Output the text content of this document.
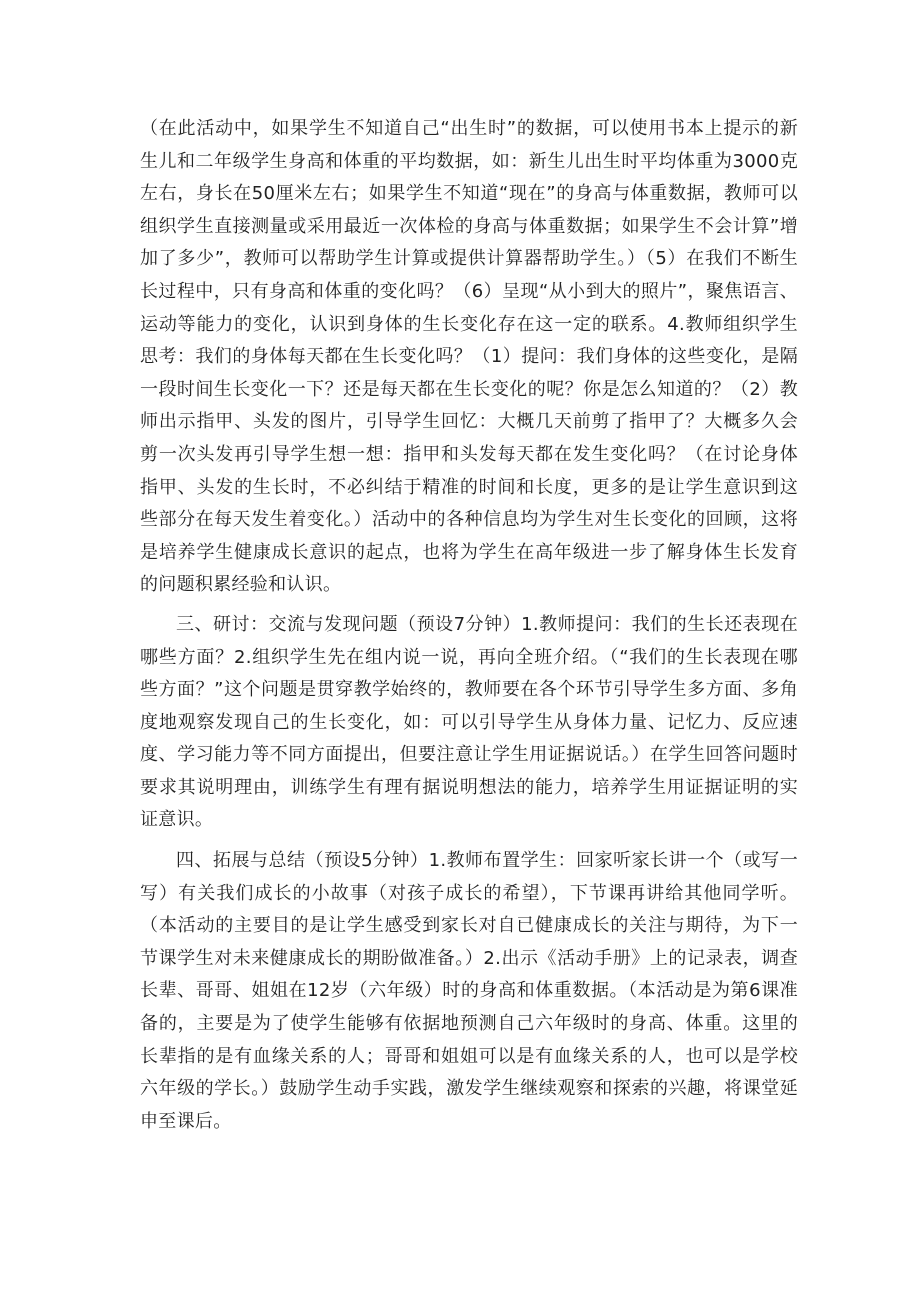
（在此活动中，如果学生不知道自己“出生时”的数据，可以使用书本上提示的新生儿和二年级学生身高和体重的平均数据，如：新生儿出生时平均体重为3000克左右，身长在50厘米左右；如果学生不知道“现在”的身高与体重数据，教师可以组织学生直接测量或采用最近一次体检的身高与体重数据；如果学生不会计算”增加了多少”，教师可以帮助学生计算或提供计算器帮助学生。）（5）在我们不断生长过程中，只有身高和体重的变化吗？（6）呈现“从小到大的照片”，聚焦语言、运动等能力的变化，认识到身体的生长变化存在这一定的联系。4.教师组织学生思考：我们的身体每天都在生长变化吗？（1）提问：我们身体的这些变化，是隔一段时间生长变化一下？还是每天都在生长变化的呢？你是怎么知道的？（2）教师出示指甲、头发的图片，引导学生回忆：大概几天前剪了指甲了？大概多久会剪一次头发再引导学生想一想：指甲和头发每天都在发生变化吗？（在讨论身体指甲、头发的生长时，不必纠结于精准的时间和长度，更多的是让学生意识到这些部分在每天发生着变化。）活动中的各种信息均为学生对生长变化的回顾，这将是培养学生健康成长意识的起点，也将为学生在高年级进一步了解身体生长发育的问题积累经验和认识。

三、研讨：交流与发现问题（预设7分钟）1.教师提问：我们的生长还表现在哪些方面？2.组织学生先在组内说一说，再向全班介绍。（“我们的生长表现在哪些方面？”这个问题是贯穿教学始终的，教师要在各个环节引导学生多方面、多角度地观察发现自己的生长变化，如：可以引导学生从身体力量、记忆力、反应速度、学习能力等不同方面提出，但要注意让学生用证据说话。）在学生回答问题时要求其说明理由，训练学生有理有据说明想法的能力，培养学生用证据证明的实证意识。

四、拓展与总结（预设5分钟）1.教师布置学生：回家听家长讲一个（或写一写）有关我们成长的小故事（对孩子成长的希望），下节课再讲给其他同学听。（本活动的主要目的是让学生感受到家长对自已健康成长的关注与期待，为下一节课学生对未来健康成长的期盼做准备。）2.出示《活动手册》上的记录表，调查长辈、哥哥、姐姐在12岁（六年级）时的身高和体重数据。（本活动是为第6课准备的，主要是为了使学生能够有依据地预测自己六年级时的身高、体重。这里的长辈指的是有血缘关系的人；哥哥和姐姐可以是有血缘关系的人，也可以是学校六年级的学长。）鼓励学生动手实践，激发学生继续观察和探索的兴趣，将课堂延申至课后。
